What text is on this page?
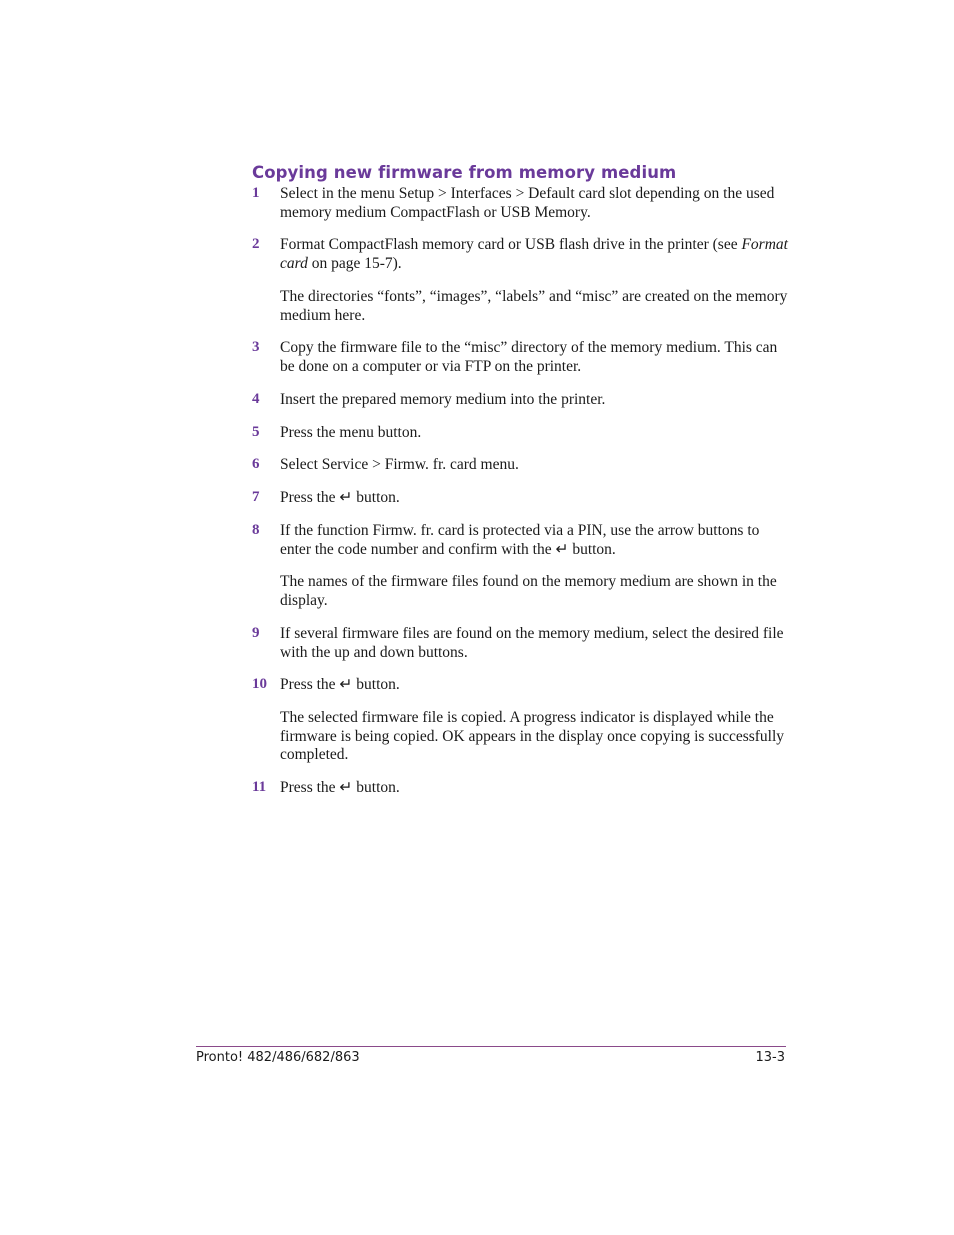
Copying new firmware from memory medium
1 Select in the menu Setup > Interfaces > Default card slot depending on the used memory medium CompactFlash or USB Memory.
2 Format CompactFlash memory card or USB flash drive in the printer (see Format card on page 15-7).
The directories “fonts”, “images”, “labels” and “misc” are created on the memory medium here.
3 Copy the firmware file to the “misc” directory of the memory medium. This can be done on a computer or via FTP on the printer.
4 Insert the prepared memory medium into the printer.
5 Press the menu button.
6 Select Service > Firmw. fr. card menu.
7 Press the ↵ button.
8 If the function Firmw. fr. card is protected via a PIN, use the arrow buttons to enter the code number and confirm with the ↵ button.
The names of the firmware files found on the memory medium are shown in the display.
9 If several firmware files are found on the memory medium, select the desired file with the up and down buttons.
10 Press the ↵ button.
The selected firmware file is copied. A progress indicator is displayed while the firmware is being copied. OK appears in the display once copying is successfully completed.
11 Press the ↵ button.
Pronto! 482/486/682/863	13-3
